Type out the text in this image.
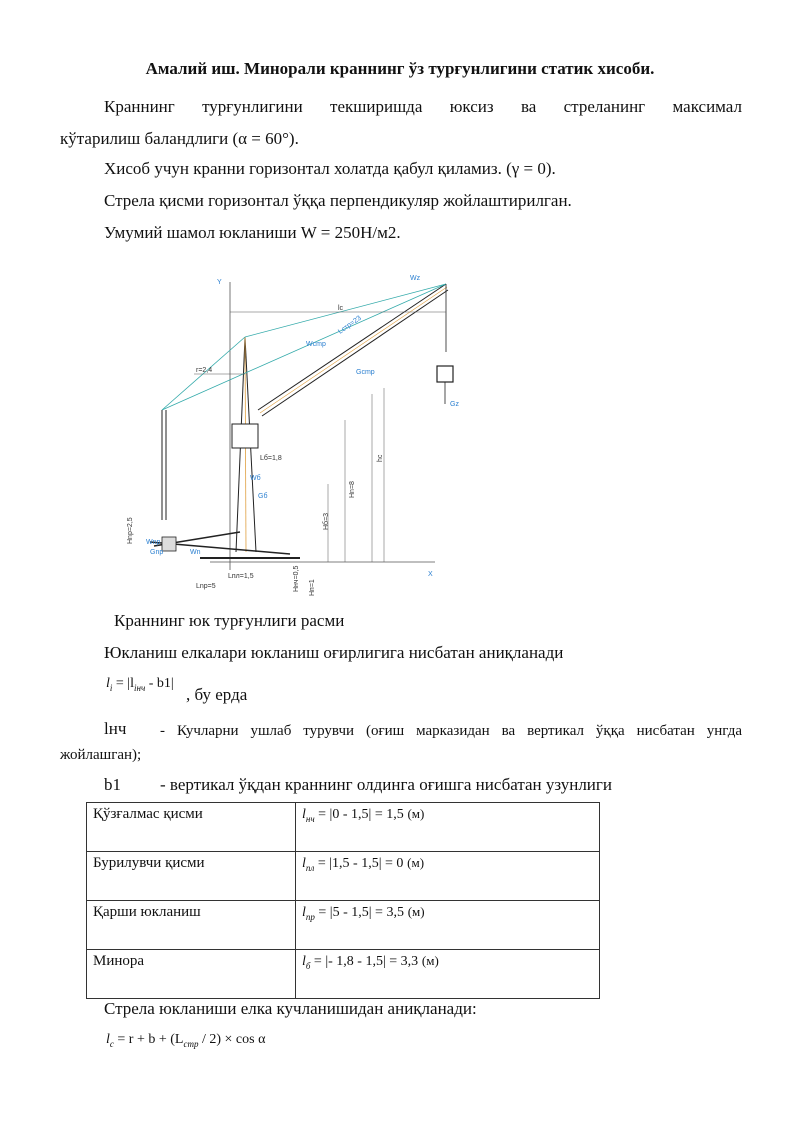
Амалий иш. Минорали краннинг ўз турғунлигини статик хисоби.
Краннинг турғунлигини текширишда юксиз ва стреланинг максимал
кўтарилиш баландлиги (α = 60°).
Хисоб учун кранни горизонтал холатда қабул қиламиз. (γ = 0).
Стрела қисми горизонтал ўққа перпендикуляр жойлаштирилган.
Умумий шамол юкланиши W = 250Н/м2.
Y
X
Wz
lc
Lстр=23
Wcmp
Gcmp
Gz
r=2,4
Lб=1,8
Wб
Gб
hc
Hn=8
Hб=3
Hnp=2,5 Wnp
Gnp	Wn
Lnp=5
Lпл=1,5	Hнч=0,5 Hп=1
Краннинг юк турғунлиги расми
Юкланиш елкалари юкланиш оғирлигига нисбатан аниқланади
$l_i = |l_{iнч} - b1|$
, бу ерда
lнч - Кучларни ушлаб турувчи (оғиш марказидан ва вертикал ўққа нисбатан унгда
жойлашган);
b1 - вертикал ўқдан краннинг олдинга оғишга нисбатан узунлиги
Қўзғалмас қисми	$l_{нч} = |0 - 1,5| = 1,5$ (м)
Бурилувчи қисми	$l_{пл} = |1,5 - 1,5| = 0$ (м)
Қарши юкланиш	$l_{пр} = |5 - 1,5| = 3,5$ (м)
Минора	$l_б$ = |- 1,8 - 1,5| = 3,3 (м)
Стрела юкланиши елка кучланишидан аниқланади:
$l_c = r + b + (L_{стр} / 2) \times \cos \alpha$
